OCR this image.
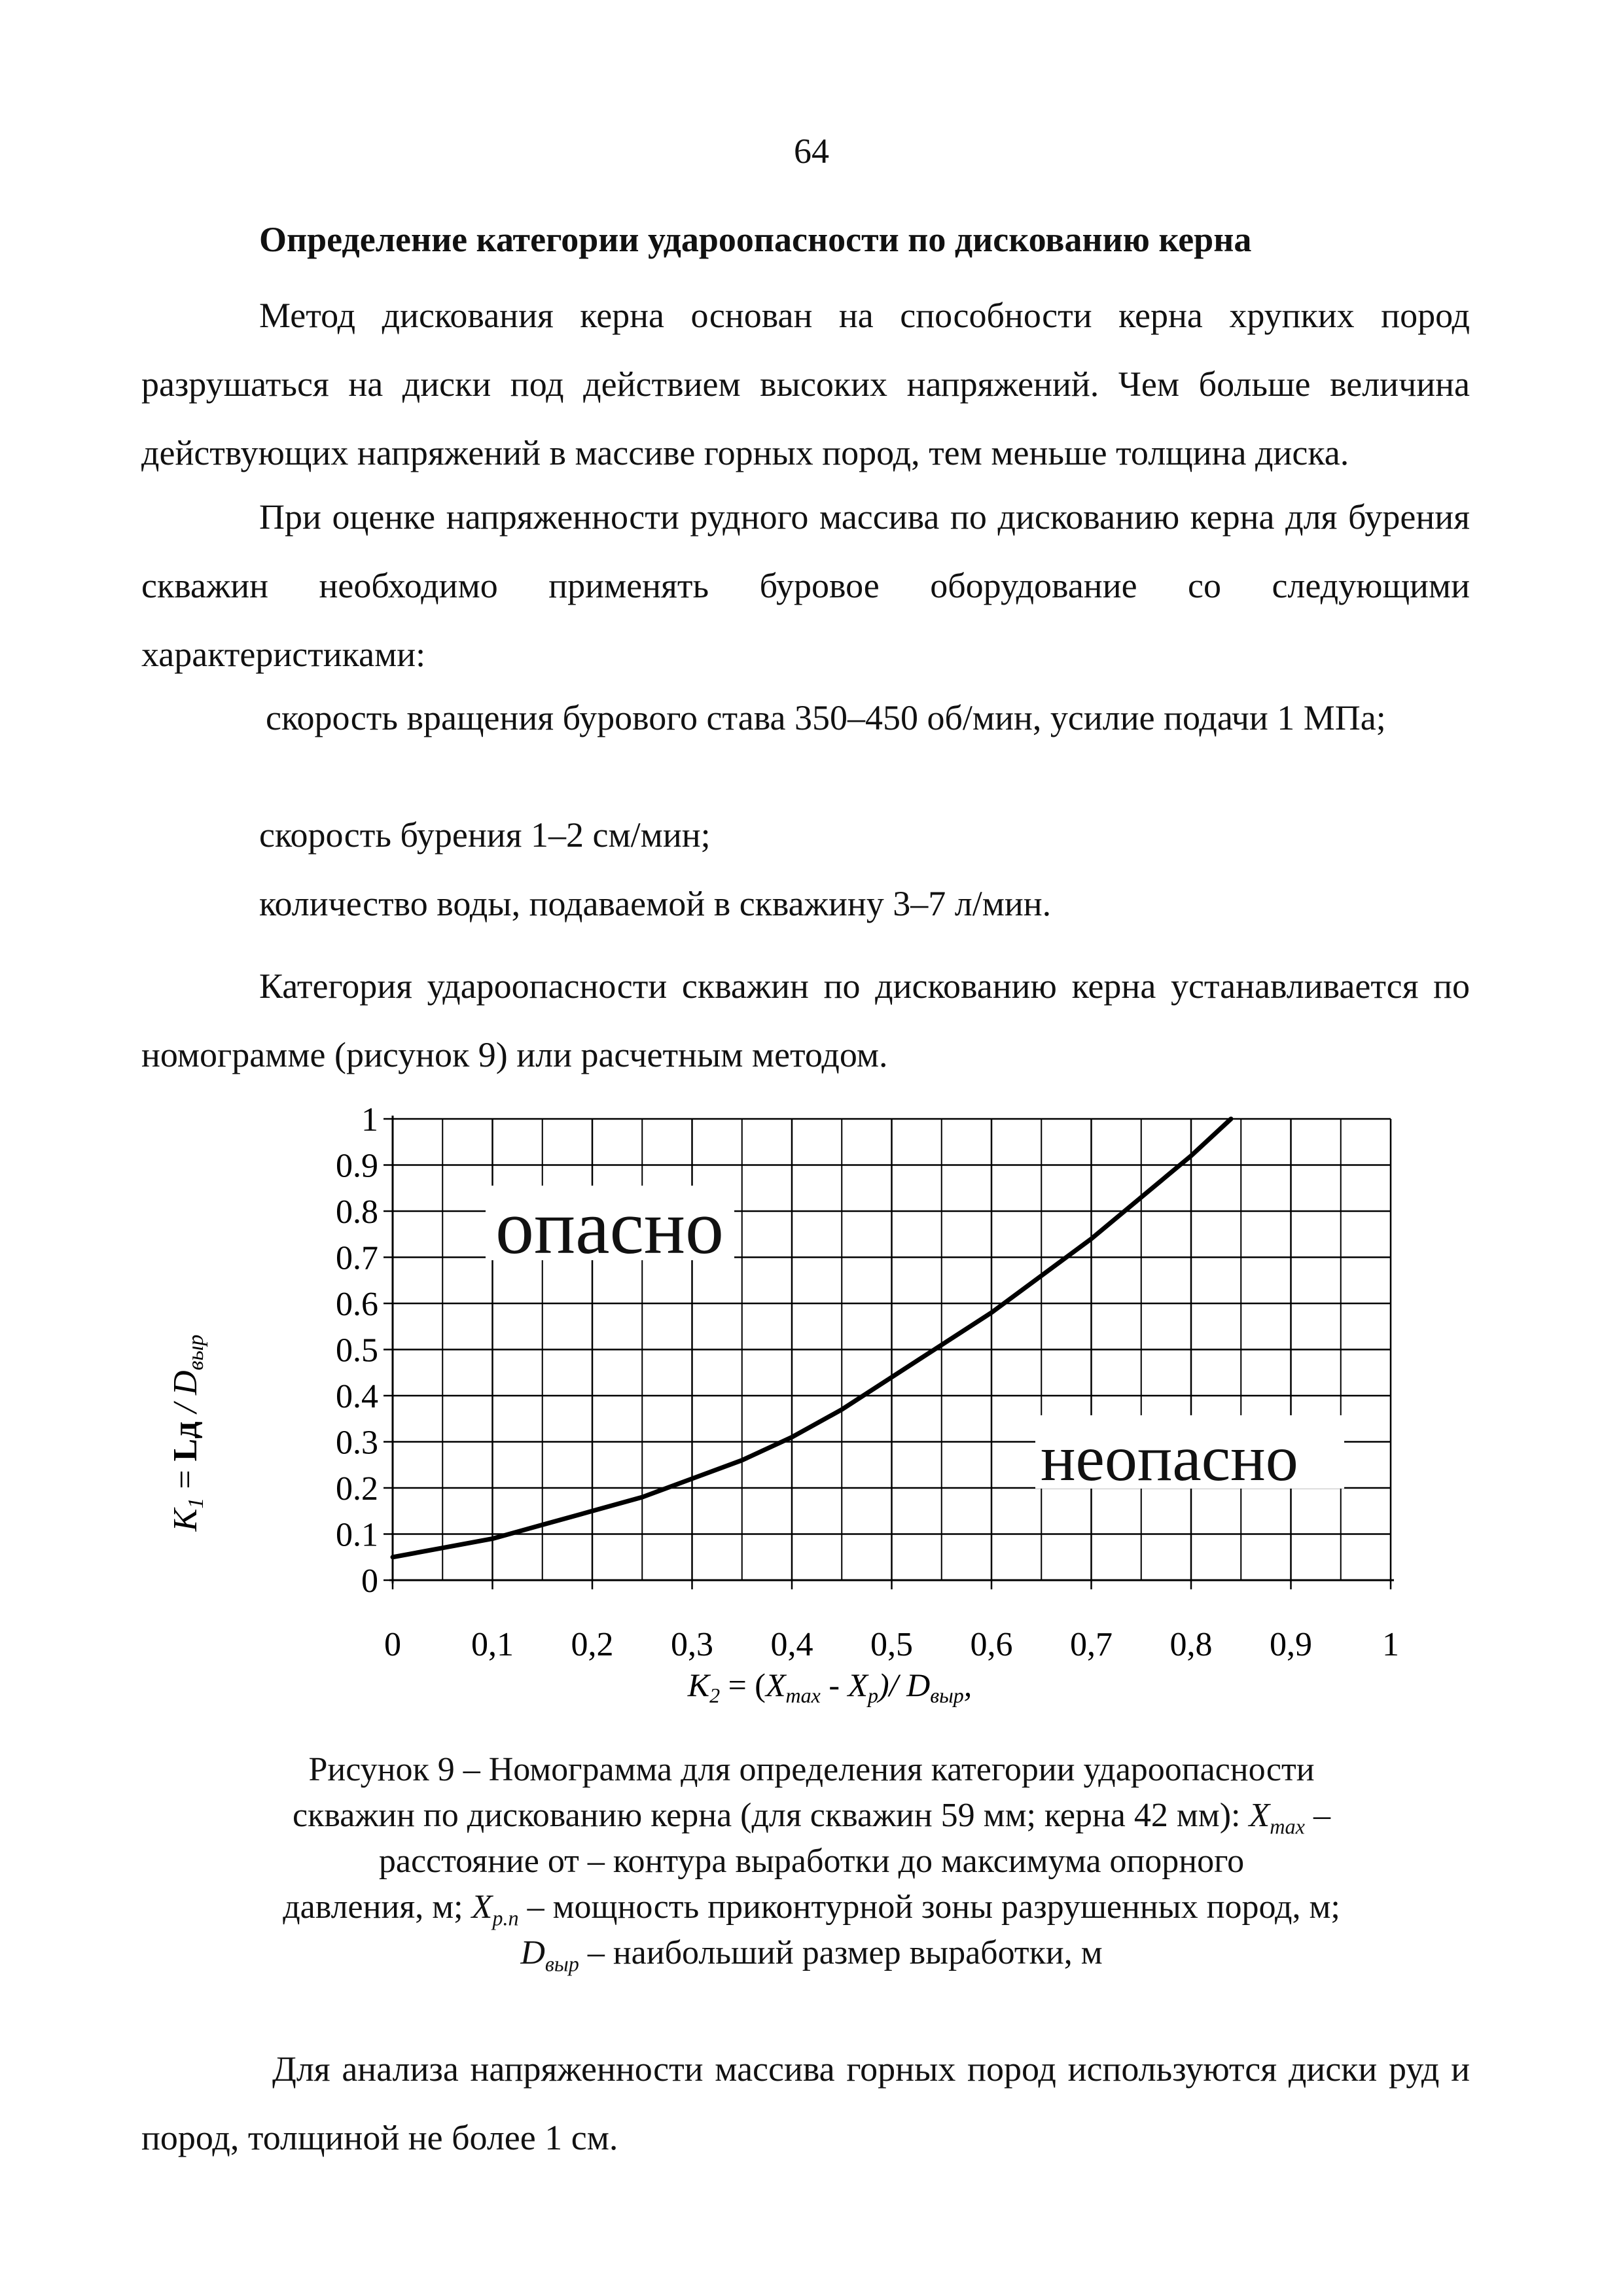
64
Определение категории удароопасности по дискованию керна
Метод дискования керна основан на способности керна хрупких пород разрушаться на диски под действием высоких напряжений. Чем больше величина действующих напряжений в массиве горных пород, тем меньше толщина диска.
При оценке напряженности рудного массива по дискованию керна для бурения скважин необходимо применять буровое оборудование со следующими характеристиками:
скорость вращения бурового става 350–450 об/мин, усилие подачи 1 МПа;
скорость бурения 1–2 см/мин;
количество воды, подаваемой в скважину 3–7 л/мин.
Категория удароопасности скважин по дискованию керна устанавливается по номограмме (рисунок 9) или расчетным методом.
0
0.1
0.2
0.3
0.4
0.5
0.6
0.7
0.8
0.9
1
0 0,1 0,2 0,3 0,4 0,5 0,6 0,7 0,8 0,9 1
опасно
неопасно
K1 = Lд / Dвыр
$K_2 = (X_{max} - X_p)/$ $D_{выр}$,
Рисунок 9 – Номограмма для определения категории удароопасности
скважин по дискованию керна (для скважин 59 мм; керна 42 мм): $X_{max}$ –
расстояние от – контура выработки до максимума опорного
давления, м; $X_{р.п}$ – мощность приконтурной зоны разрушенных пород, м;
$D_{выр}$ – наибольший размер выработки, м
Для анализа напряженности массива горных пород используются диски руд и пород, толщиной не более 1 см.
